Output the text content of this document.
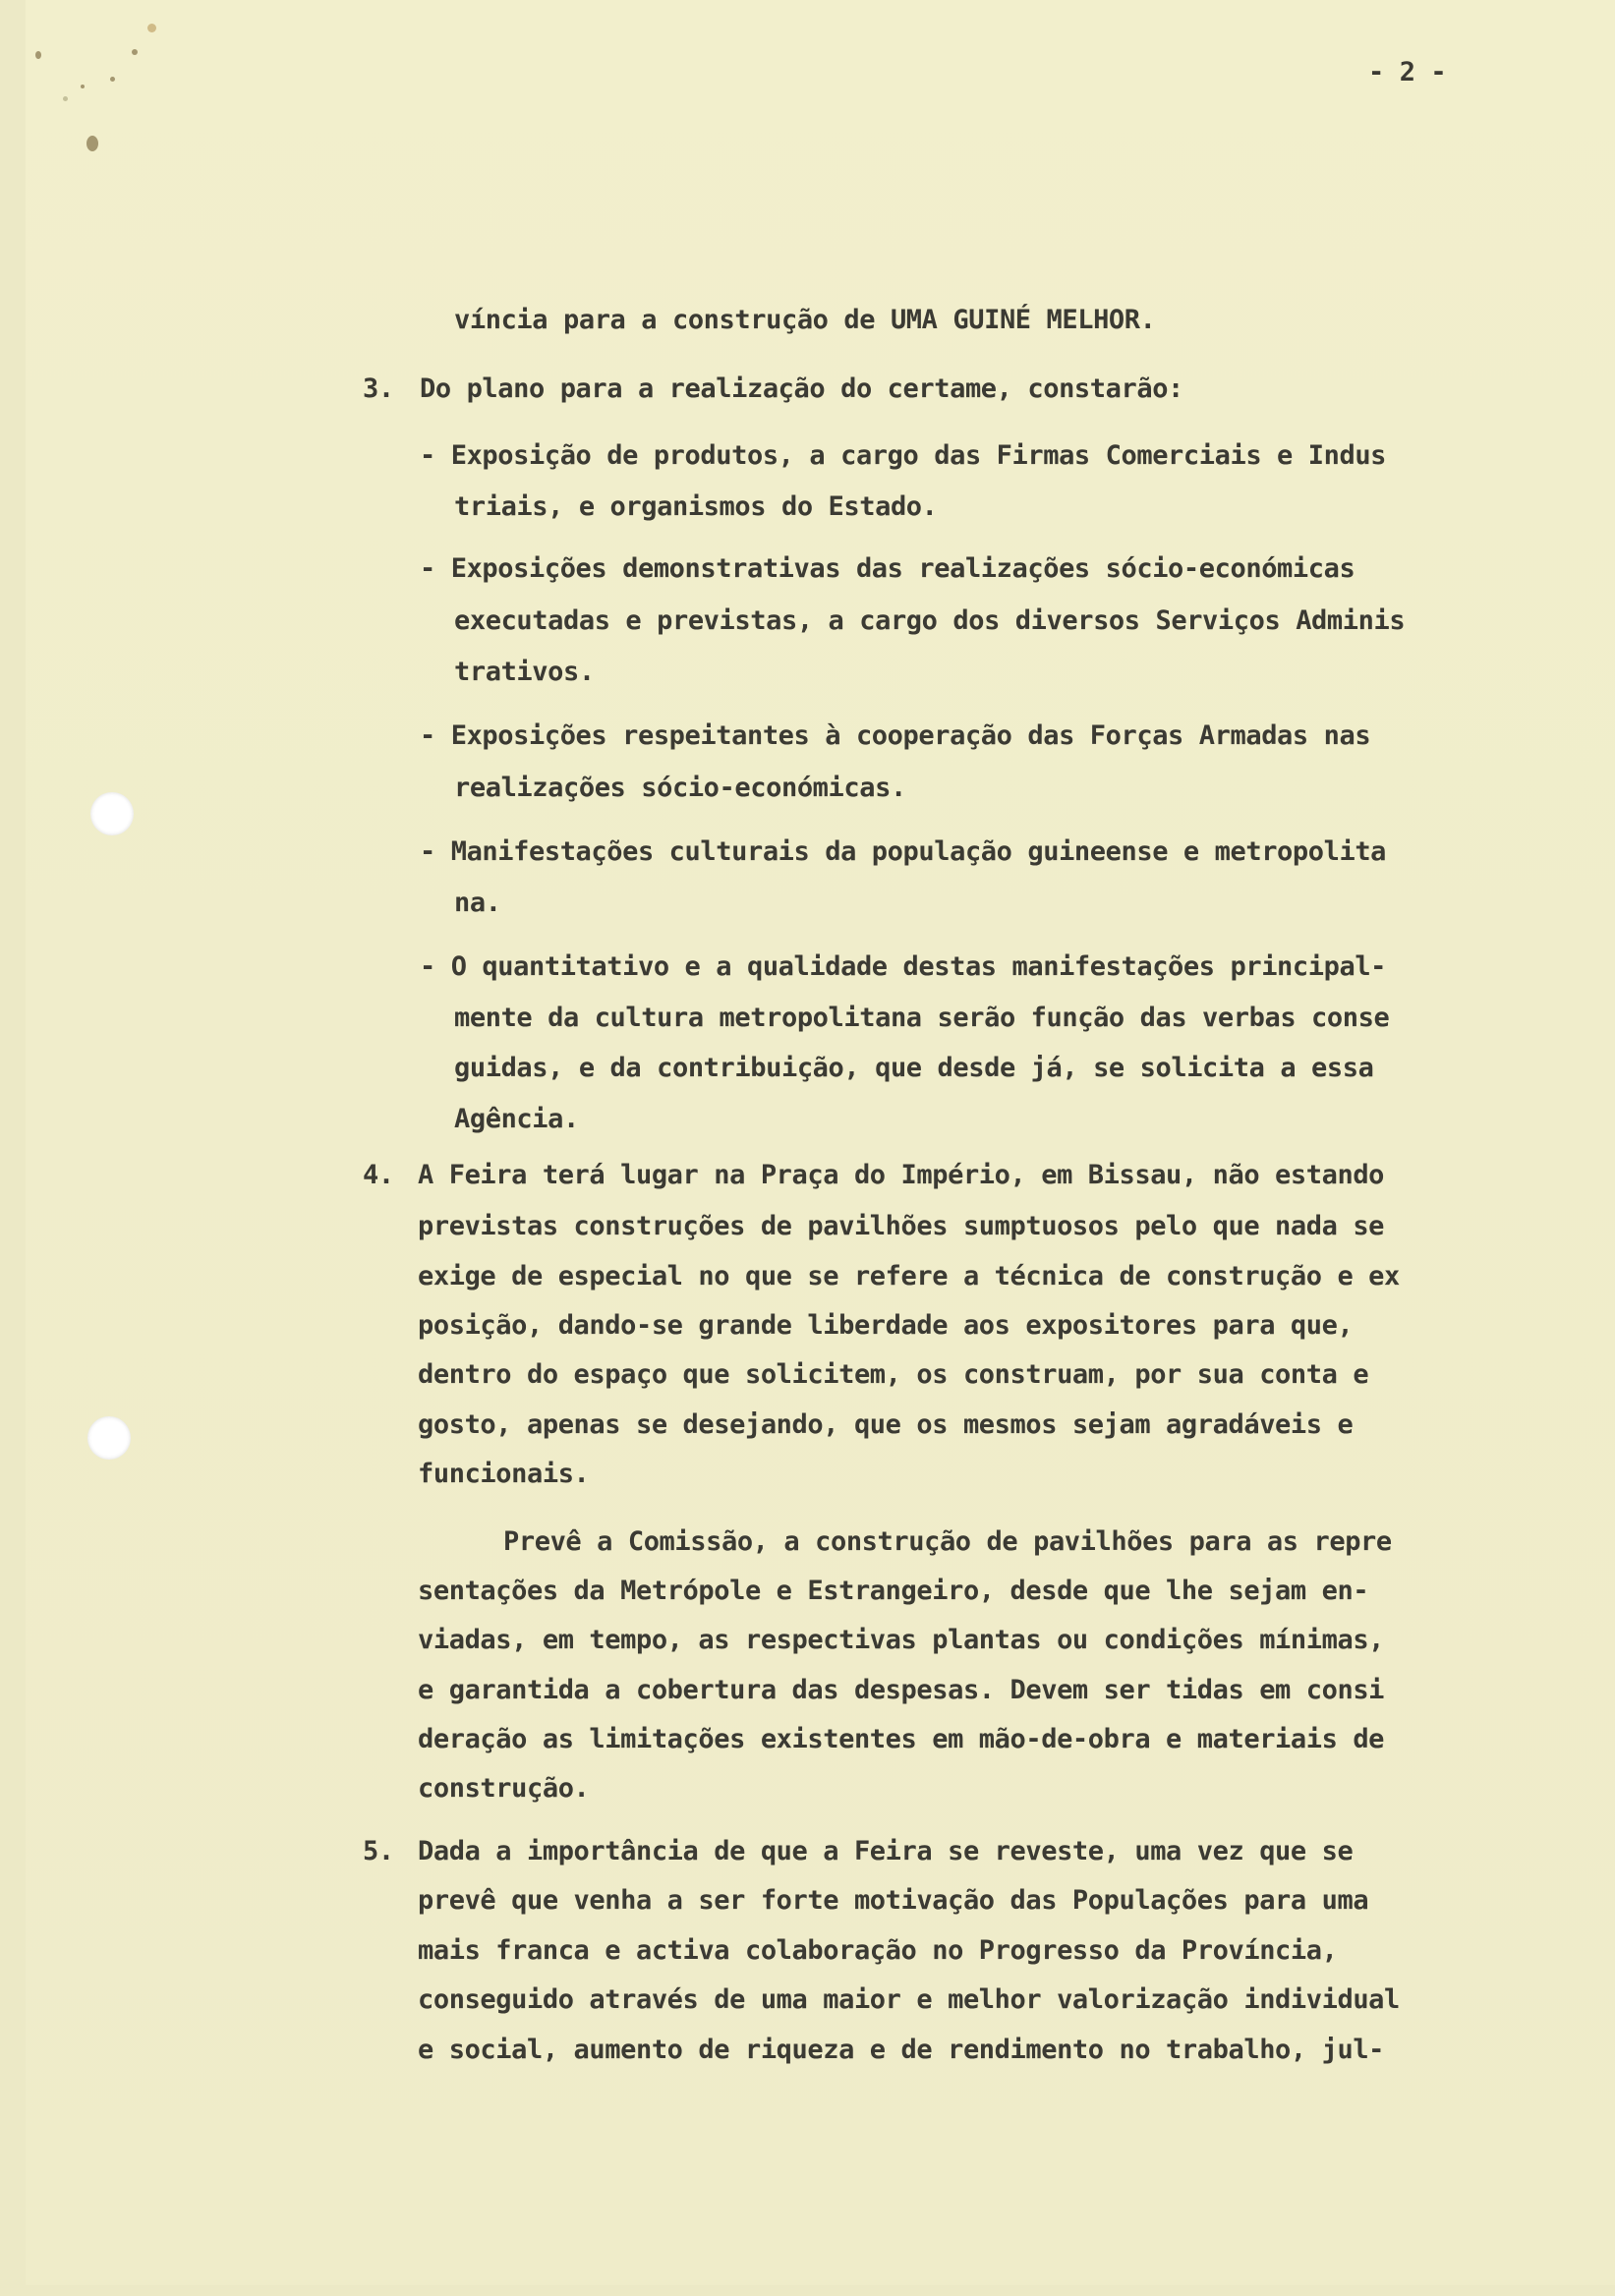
- 2 -
3.
4.
5.
víncia para a construção de UMA GUINÉ MELHOR.
Do plano para a realização do certame, constarão:
- Exposição de produtos, a cargo das Firmas Comerciais e Indus
triais, e organismos do Estado.
- Exposições demonstrativas das realizações sócio-económicas
executadas e previstas, a cargo dos diversos Serviços Adminis
trativos.
- Exposições respeitantes à cooperação das Forças Armadas nas
realizações sócio-económicas.
- Manifestações culturais da população guineense e metropolita
na.
- O quantitativo e a qualidade destas manifestações principal-
mente da cultura metropolitana serão função das verbas conse
guidas, e da contribuição, que desde já, se solicita a essa
Agência.
A Feira terá lugar na Praça do Império, em Bissau, não estando
previstas construções de pavilhões sumptuosos pelo que nada se
exige de especial no que se refere a técnica de construção e ex
posição, dando-se grande liberdade aos expositores para que,
dentro do espaço que solicitem, os construam, por sua conta e
gosto, apenas se desejando, que os mesmos sejam agradáveis e
funcionais.
Prevê a Comissão, a construção de pavilhões para as repre
sentações da Metrópole e Estrangeiro, desde que lhe sejam en-
viadas, em tempo, as respectivas plantas ou condições mínimas,
e garantida a cobertura das despesas. Devem ser tidas em consi
deração as limitações existentes em mão-de-obra e materiais de
construção.
Dada a importância de que a Feira se reveste, uma vez que se
prevê que venha a ser forte motivação das Populações para uma
mais franca e activa colaboração no Progresso da Província,
conseguido através de uma maior e melhor valorização individual
e social, aumento de riqueza e de rendimento no trabalho, jul-
